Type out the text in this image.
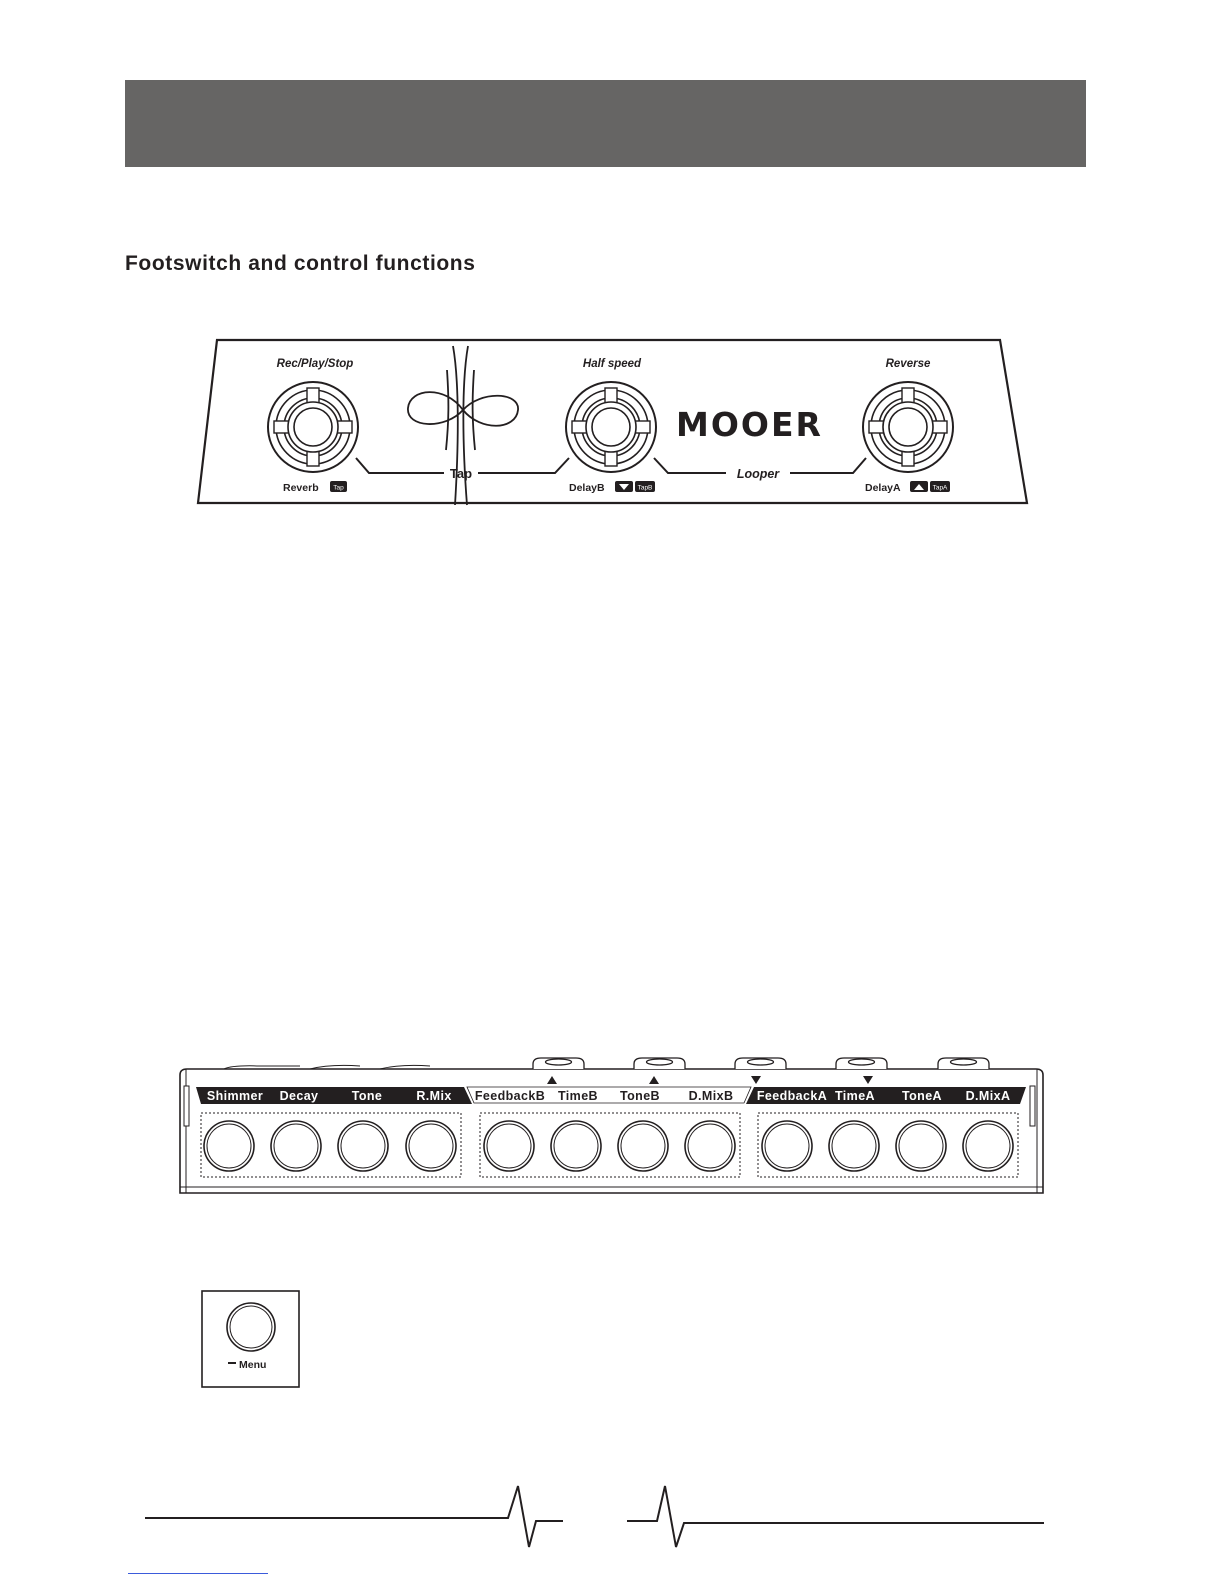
Footswitch and control functions
MOOER
Rec/Play/Stop	Half speed	Reverse
Tap	Looper
Reverb Tap	DelayB	TapB	DelayA	TapA
Shimmer Decay	Tone	R.Mix FeedbackB TimeB ToneB D.MixB FeedbackA TimeA ToneA D.MixA
Menu
